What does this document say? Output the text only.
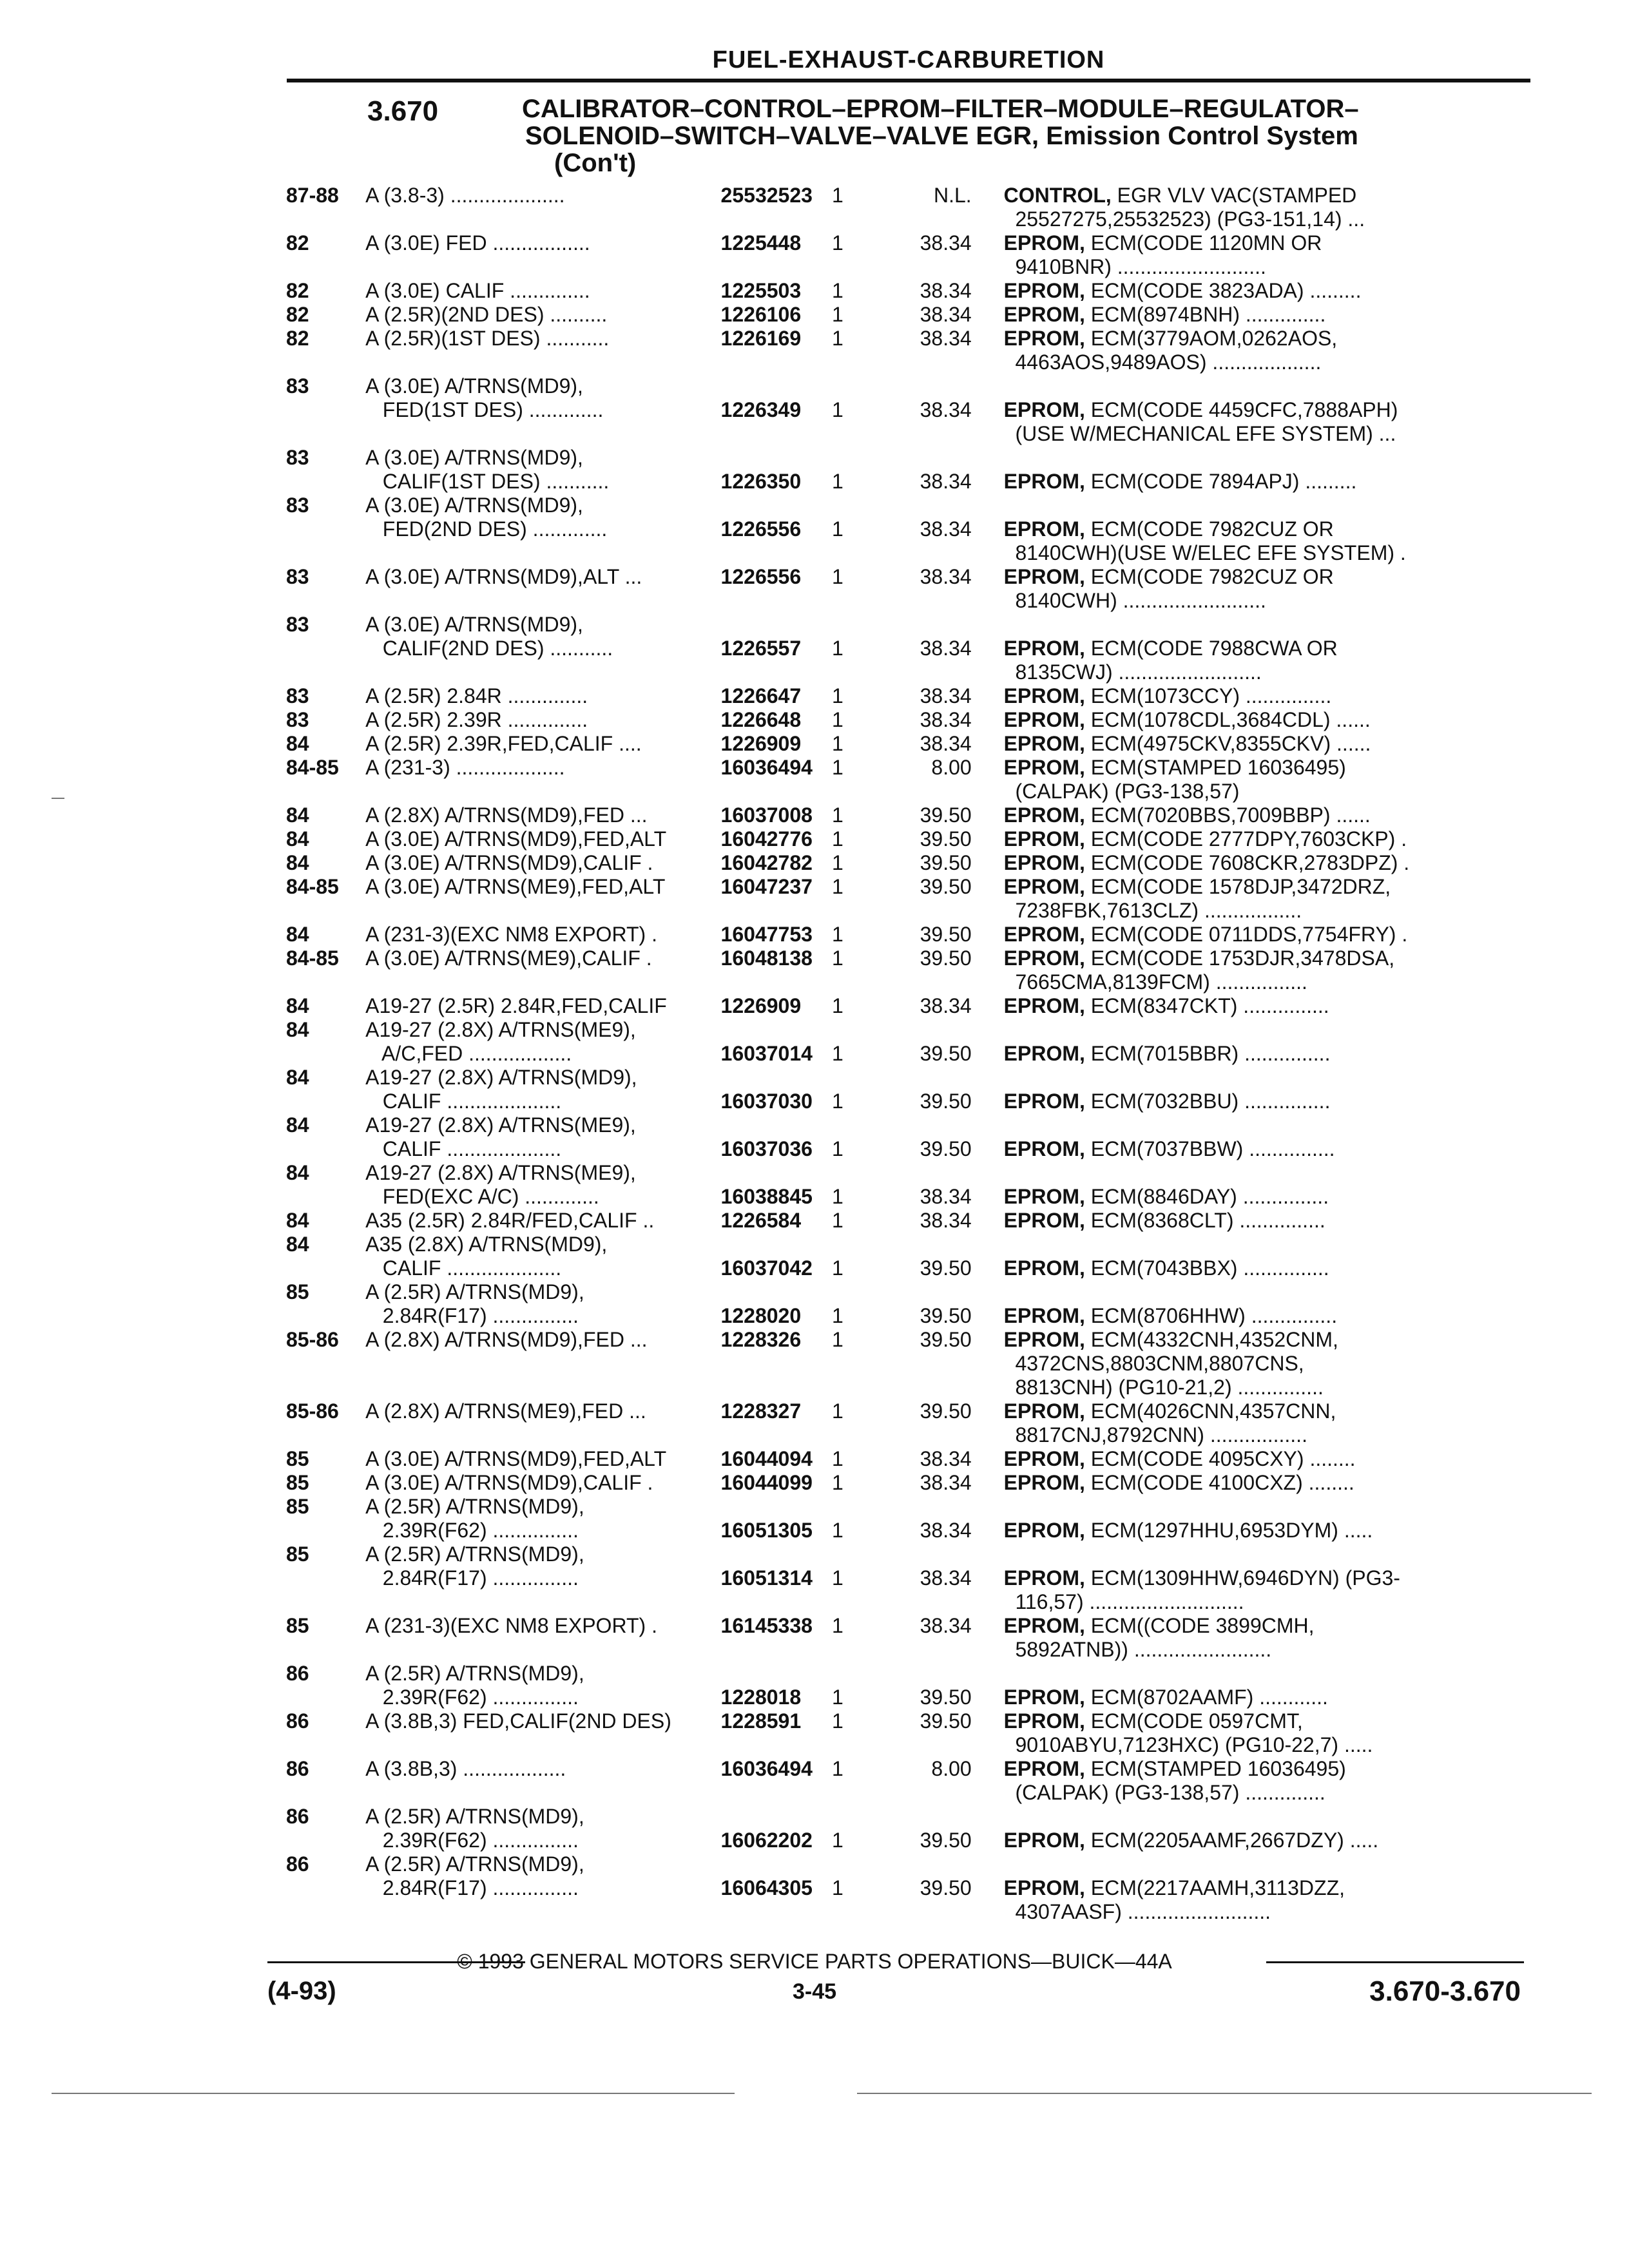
FUEL-EXHAUST-CARBURETION
3.670	CALIBRATOR–CONTROL–EPROM–FILTER–MODULE–REGULATOR–
SOLENOID–SWITCH–VALVE–VALVE EGR, Emission Control System
(Con't)
87-88	A (3.8-3) ....................	25532523 1	N.L.	CONTROL, EGR VLV VAC(STAMPED
25527275,25532523) (PG3-151,14) ...
82	A (3.0E) FED .................	1225448	1	38.34	EPROM, ECM(CODE 1120MN OR
9410BNR) ..........................
82	A (3.0E) CALIF ..............	1225503	1	38.34	EPROM, ECM(CODE 3823ADA) .........
82	A (2.5R)(2ND DES) ..........	1226106	1	38.34	EPROM, ECM(8974BNH) ..............
82	A (2.5R)(1ST DES) ...........	1226169	1	38.34	EPROM, ECM(3779AOM,0262AOS,
4463AOS,9489AOS) ...................
83	A (3.0E) A/TRNS(MD9),
FED(1ST DES) .............	1226349	1	38.34	EPROM, ECM(CODE 4459CFC,7888APH)
(USE W/MECHANICAL EFE SYSTEM) ...
83	A (3.0E) A/TRNS(MD9),
CALIF(1ST DES) ...........	1226350	1	38.34	EPROM, ECM(CODE 7894APJ) .........
83	A (3.0E) A/TRNS(MD9),
FED(2ND DES) .............	1226556	1	38.34	EPROM, ECM(CODE 7982CUZ OR
8140CWH)(USE W/ELEC EFE SYSTEM) .
83	A (3.0E) A/TRNS(MD9),ALT ...	1226556	1	38.34	EPROM, ECM(CODE 7982CUZ OR
8140CWH) .........................
83	A (3.0E) A/TRNS(MD9),
CALIF(2ND DES) ...........	1226557	1	38.34	EPROM, ECM(CODE 7988CWA OR
8135CWJ) .........................
83	A (2.5R) 2.84R ..............	1226647	1	38.34	EPROM, ECM(1073CCY) ...............
83	A (2.5R) 2.39R ..............	1226648	1	38.34	EPROM, ECM(1078CDL,3684CDL) ......
84	A (2.5R) 2.39R,FED,CALIF ....	1226909	1	38.34	EPROM, ECM(4975CKV,8355CKV) ......
84-85	A (231-3) ...................	16036494 1	8.00	EPROM, ECM(STAMPED 16036495)
(CALPAK) (PG3-138,57)
84	A (2.8X) A/TRNS(MD9),FED ...	16037008 1	39.50	EPROM, ECM(7020BBS,7009BBP) ......
84	A (3.0E) A/TRNS(MD9),FED,ALT	16042776 1	39.50	EPROM, ECM(CODE 2777DPY,7603CKP) .
84	A (3.0E) A/TRNS(MD9),CALIF .	16042782 1	39.50	EPROM, ECM(CODE 7608CKR,2783DPZ) .
84-85	A (3.0E) A/TRNS(ME9),FED,ALT	16047237 1	39.50	EPROM, ECM(CODE 1578DJP,3472DRZ,
7238FBK,7613CLZ) .................
84	A (231-3)(EXC NM8 EXPORT) .	16047753 1	39.50	EPROM, ECM(CODE 0711DDS,7754FRY) .
84-85	A (3.0E) A/TRNS(ME9),CALIF .	16048138 1	39.50	EPROM, ECM(CODE 1753DJR,3478DSA,
7665CMA,8139FCM) ................
84	A19-27 (2.5R) 2.84R,FED,CALIF	1226909	1	38.34	EPROM, ECM(8347CKT) ...............
84	A19-27 (2.8X) A/TRNS(ME9),
A/C,FED ..................	16037014 1	39.50	EPROM, ECM(7015BBR) ...............
84	A19-27 (2.8X) A/TRNS(MD9),
CALIF ....................	16037030 1	39.50	EPROM, ECM(7032BBU) ...............
84	A19-27 (2.8X) A/TRNS(ME9),
CALIF ....................	16037036 1	39.50	EPROM, ECM(7037BBW) ...............
84	A19-27 (2.8X) A/TRNS(ME9),
FED(EXC A/C) .............	16038845 1	38.34	EPROM, ECM(8846DAY) ...............
84	A35 (2.5R) 2.84R/FED,CALIF ..	1226584	1	38.34	EPROM, ECM(8368CLT) ...............
84	A35 (2.8X) A/TRNS(MD9),
CALIF ....................	16037042 1	39.50	EPROM, ECM(7043BBX) ...............
85	A (2.5R) A/TRNS(MD9),
2.84R(F17) ...............	1228020	1	39.50	EPROM, ECM(8706HHW) ...............
85-86	A (2.8X) A/TRNS(MD9),FED ...	1228326	1	39.50	EPROM, ECM(4332CNH,4352CNM,
4372CNS,8803CNM,8807CNS,
8813CNH) (PG10-21,2) ...............
85-86	A (2.8X) A/TRNS(ME9),FED ...	1228327	1	39.50	EPROM, ECM(4026CNN,4357CNN,
8817CNJ,8792CNN) .................
85	A (3.0E) A/TRNS(MD9),FED,ALT	16044094 1	38.34	EPROM, ECM(CODE 4095CXY) ........
85	A (3.0E) A/TRNS(MD9),CALIF .	16044099 1	38.34	EPROM, ECM(CODE 4100CXZ) ........
85	A (2.5R) A/TRNS(MD9),
2.39R(F62) ...............	16051305 1	38.34	EPROM, ECM(1297HHU,6953DYM) .....
85	A (2.5R) A/TRNS(MD9),
2.84R(F17) ...............	16051314 1	38.34	EPROM, ECM(1309HHW,6946DYN) (PG3-
116,57) ...........................
85	A (231-3)(EXC NM8 EXPORT) .	16145338 1	38.34	EPROM, ECM((CODE 3899CMH,
5892ATNB)) ........................
86	A (2.5R) A/TRNS(MD9),
2.39R(F62) ...............	1228018	1	39.50	EPROM, ECM(8702AAMF) ............
86	A (3.8B,3) FED,CALIF(2ND DES)	1228591	1	39.50	EPROM, ECM(CODE 0597CMT,
9010ABYU,7123HXC) (PG10-22,7) .....
86	A (3.8B,3) ..................	16036494 1	8.00	EPROM, ECM(STAMPED 16036495)
(CALPAK) (PG3-138,57) ..............
86	A (2.5R) A/TRNS(MD9),
2.39R(F62) ...............	16062202 1	39.50	EPROM, ECM(2205AAMF,2667DZY) .....
86	A (2.5R) A/TRNS(MD9),
2.84R(F17) ...............	16064305 1	39.50	EPROM, ECM(2217AAMH,3113DZZ,
4307AASF) .........................
© 1993 GENERAL MOTORS SERVICE PARTS OPERATIONS—BUICK—44A
(4-93)	3-45	3.670-3.670
